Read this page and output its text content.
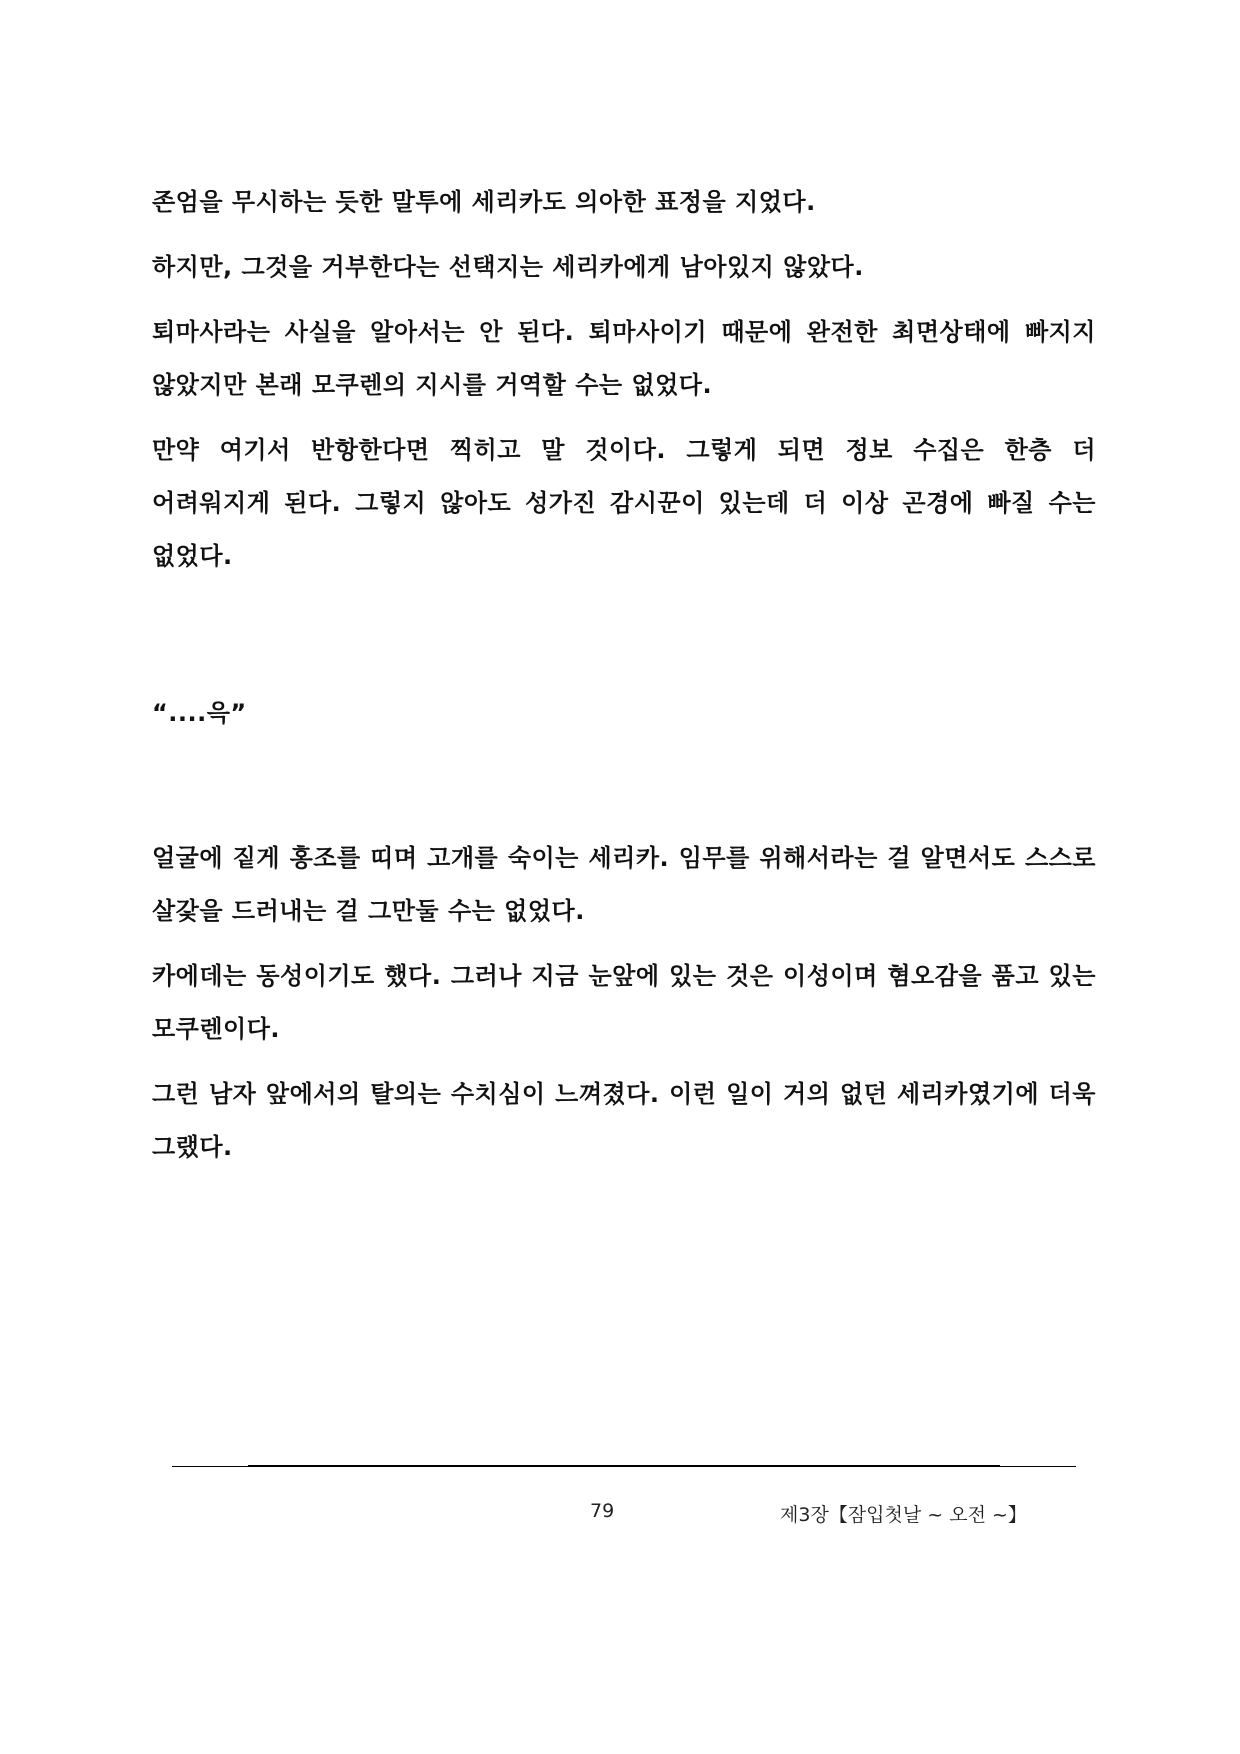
존엄을 무시하는 듯한 말투에 세리카도 의아한 표정을 지었다.

하지만, 그것을 거부한다는 선택지는 세리카에게 남아있지 않았다.

퇴마사라는 사실을 알아서는 안 된다. 퇴마사이기 때문에 완전한 최면상태에 빠지지 않았지만 본래 모쿠렌의 지시를 거역할 수는 없었다.

만약 여기서 반항한다면 찍히고 말 것이다. 그렇게 되면 정보 수집은 한층 더 어려워지게 된다. 그렇지 않아도 성가진 감시꾼이 있는데 더 이상 곤경에 빠질 수는 없었다.

“....윽”

얼굴에 짙게 홍조를 띠며 고개를 숙이는 세리카. 임무를 위해서라는 걸 알면서도 스스로 살갗을 드러내는 걸 그만둘 수는 없었다.

카에데는 동성이기도 했다. 그러나 지금 눈앞에 있는 것은 이성이며 혐오감을 품고 있는 모쿠렌이다.

그런 남자 앞에서의 탈의는 수치심이 느껴졌다. 이런 일이 거의 없던 세리카였기에 더욱 그랬다.

79	제3장【잠입첫날 ~ 오전 ~】
